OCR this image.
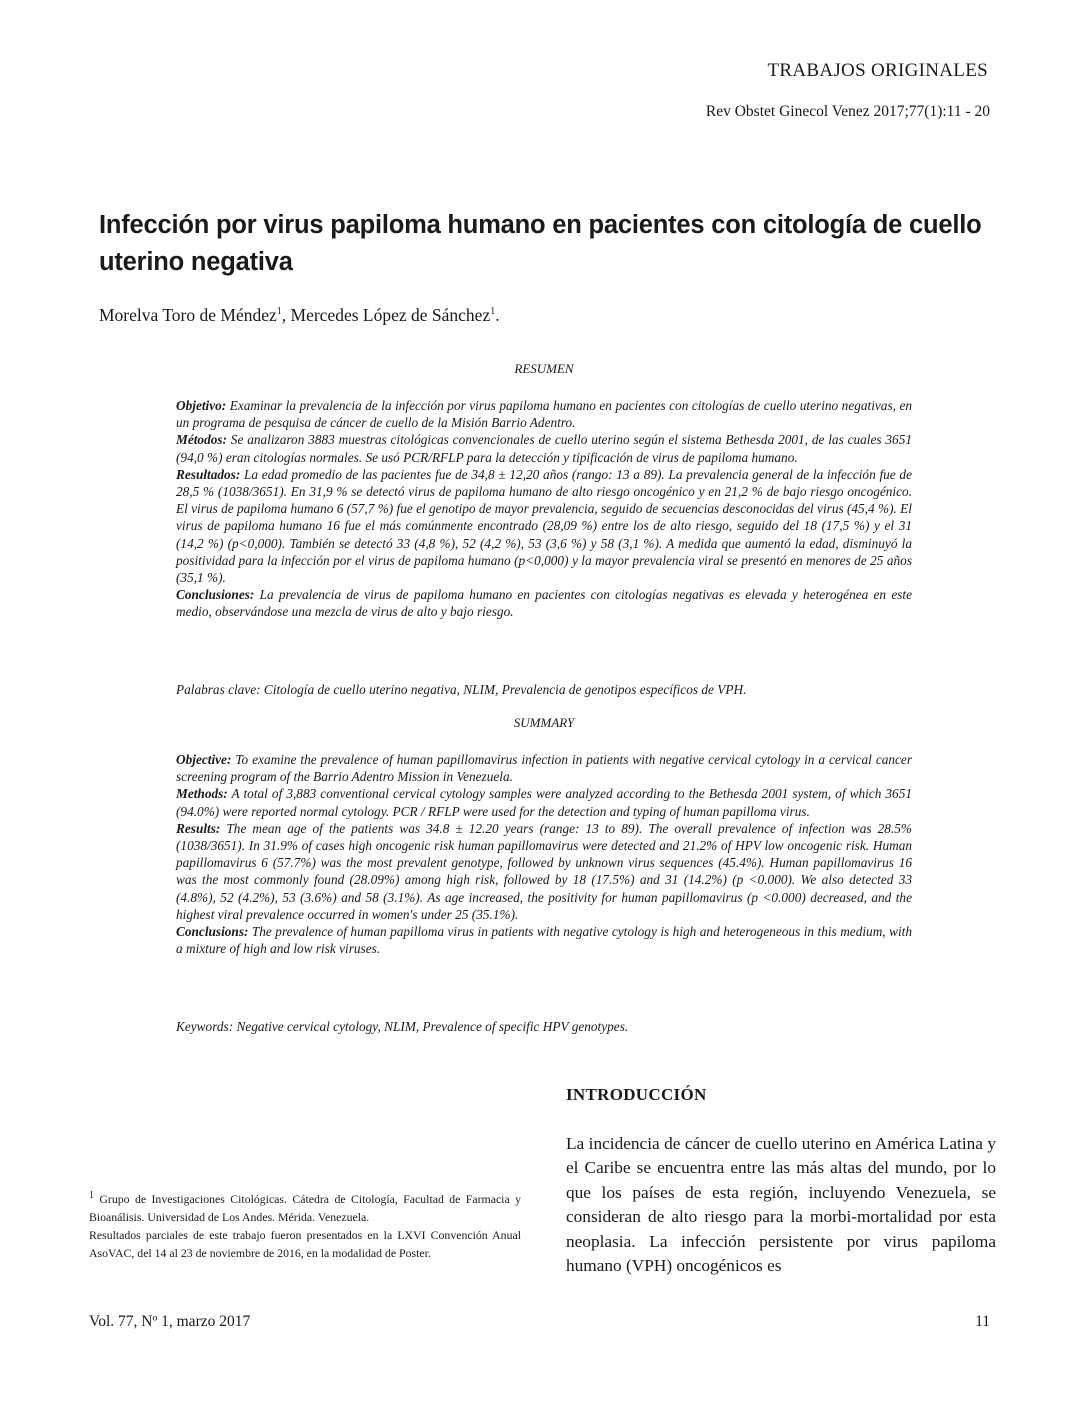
TRABAJOS ORIGINALES
Rev Obstet Ginecol Venez 2017;77(1):11 - 20
Infección por virus papiloma humano en pacientes con citología de cuello uterino negativa
Morelva Toro de Méndez$^1$, Mercedes López de Sánchez$^1$.
RESUMEN

Objetivo: Examinar la prevalencia de la infección por virus papiloma humano en pacientes con citologías de cuello uterino negativas, en un programa de pesquisa de cáncer de cuello de la Misión Barrio Adentro.

Métodos: Se analizaron 3883 muestras citológicas convencionales de cuello uterino según el sistema Bethesda 2001, de las cuales 3651 (94,0 %) eran citologías normales. Se usó PCR/RFLP para la detección y tipificación de virus de papiloma humano.

Resultados: La edad promedio de las pacientes fue de 34,8 ± 12,20 años (rango: 13 a 89). La prevalencia general de la infección fue de 28,5 % (1038/3651). En 31,9 % se detectó virus de papiloma humano de alto riesgo oncogénico y en 21,2 % de bajo riesgo oncogénico. El virus de papiloma humano 6 (57,7 %) fue el genotipo de mayor prevalencia, seguido de secuencias desconocidas del virus (45,4 %). El virus de papiloma humano 16 fue el más comúnmente encontrado (28,09 %) entre los de alto riesgo, seguido del 18 (17,5 %) y el 31 (14,2 %) (p<0,000). También se detectó 33 (4,8 %), 52 (4,2 %), 53 (3,6 %) y 58 (3,1 %). A medida que aumentó la edad, disminuyó la positividad para la infección por el virus de papiloma humano (p<0,000) y la mayor prevalencia viral se presentó en menores de 25 años (35,1 %).

Conclusiones: La prevalencia de virus de papiloma humano en pacientes con citologías negativas es elevada y heterogénea en este medio, observándose una mezcla de virus de alto y bajo riesgo.

Palabras clave: Citología de cuello uterino negativa, NLIM, Prevalencia de genotipos específicos de VPH.
SUMMARY

Objective: To examine the prevalence of human papillomavirus infection in patients with negative cervical cytology in a cervical cancer screening program of the Barrio Adentro Mission in Venezuela.

Methods: A total of 3,883 conventional cervical cytology samples were analyzed according to the Bethesda 2001 system, of which 3651 (94.0%) were reported normal cytology. PCR / RFLP were used for the detection and typing of human papilloma virus.

Results: The mean age of the patients was 34.8 ± 12.20 years (range: 13 to 89). The overall prevalence of infection was 28.5% (1038/3651). In 31.9% of cases high oncogenic risk human papillomavirus were detected and 21.2% of HPV low oncogenic risk. Human papillomavirus 6 (57.7%) was the most prevalent genotype, followed by unknown virus sequences (45.4%). Human papillomavirus 16 was the most commonly found (28.09%) among high risk, followed by 18 (17.5%) and 31 (14.2%) (p <0.000). We also detected 33 (4.8%), 52 (4.2%), 53 (3.6%) and 58 (3.1%). As age increased, the positivity for human papillomavirus (p <0.000) decreased, and the highest viral prevalence occurred in women's under 25 (35.1%).

Conclusions: The prevalence of human papilloma virus in patients with negative cytology is high and heterogeneous in this medium, with a mixture of high and low risk viruses.

Keywords: Negative cervical cytology, NLIM, Prevalence of specific HPV genotypes.
INTRODUCCIÓN

La incidencia de cáncer de cuello uterino en América Latina y el Caribe se encuentra entre las más altas del mundo, por lo que los países de esta región, incluyendo Venezuela, se consideran de alto riesgo para la morbi-mortalidad por esta neoplasia. La infección persistente por virus papiloma humano (VPH) oncogénicos es

$^1$ Grupo de Investigaciones Citológicas. Cátedra de Citología, Facultad de Farmacia y Bioanálisis. Universidad de Los Andes. Mérida. Venezuela.

Resultados parciales de este trabajo fueron presentados en la LXVI Convención Anual AsoVAC, del 14 al 23 de noviembre de 2016, en la modalidad de Poster.

Vol. 77, Nº 1, marzo 2017	11
